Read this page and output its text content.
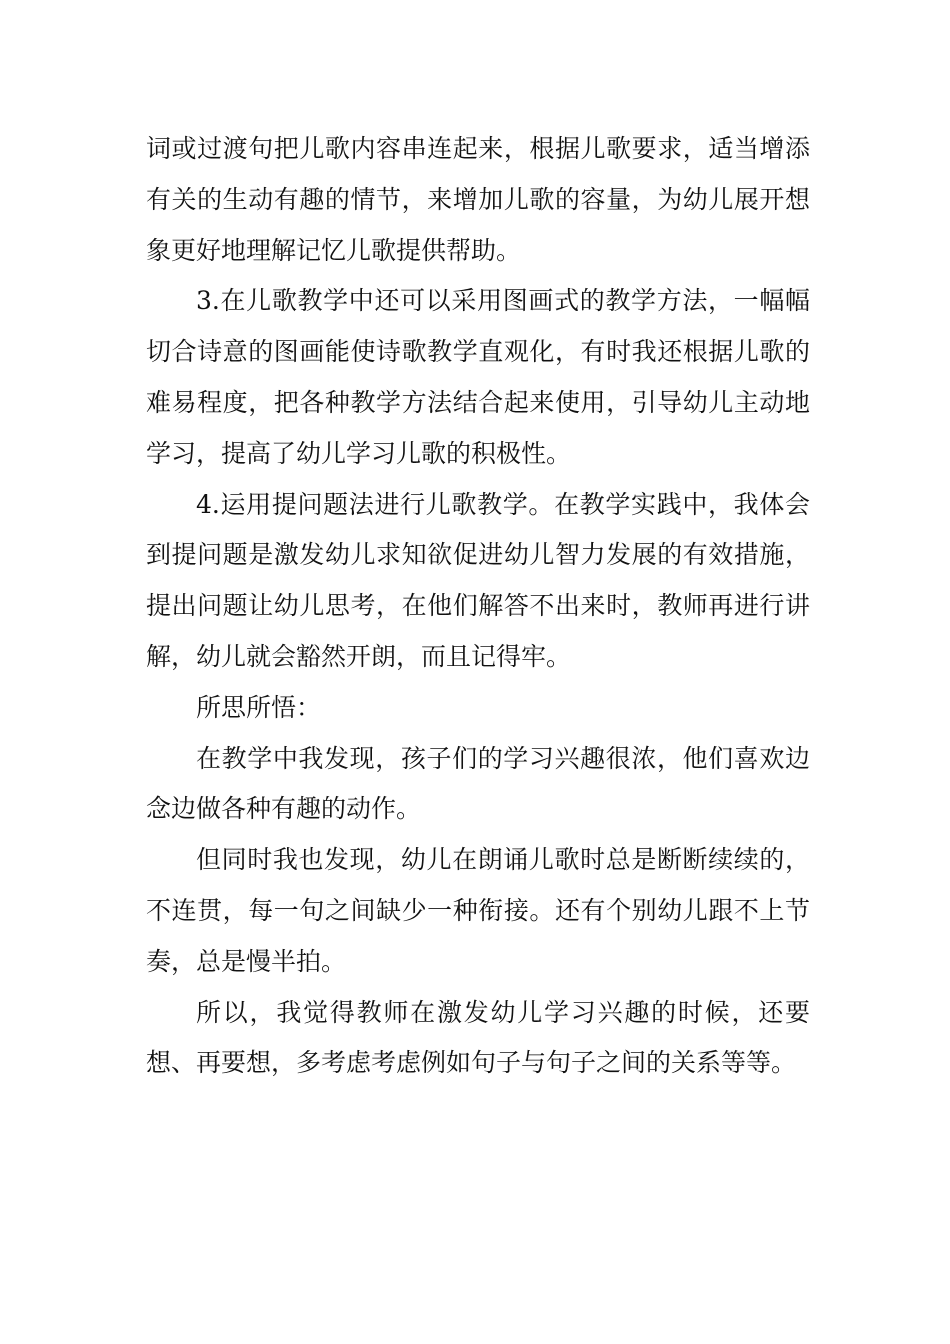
词或过渡句把儿歌内容串连起来，根据儿歌要求，适当增添有关的生动有趣的情节，来增加儿歌的容量，为幼儿展开想象更好地理解记忆儿歌提供帮助。

3.在儿歌教学中还可以采用图画式的教学方法，一幅幅切合诗意的图画能使诗歌教学直观化，有时我还根据儿歌的难易程度，把各种教学方法结合起来使用，引导幼儿主动地学习，提高了幼儿学习儿歌的积极性。

4.运用提问题法进行儿歌教学。在教学实践中，我体会到提问题是激发幼儿求知欲促进幼儿智力发展的有效措施，提出问题让幼儿思考，在他们解答不出来时，教师再进行讲解，幼儿就会豁然开朗，而且记得牢。

所思所悟：

在教学中我发现，孩子们的学习兴趣很浓，他们喜欢边念边做各种有趣的动作。

但同时我也发现，幼儿在朗诵儿歌时总是断断续续的，不连贯，每一句之间缺少一种衔接。还有个别幼儿跟不上节奏，总是慢半拍。

所以，我觉得教师在激发幼儿学习兴趣的时候，还要想、再要想，多考虑考虑例如句子与句子之间的关系等等。
